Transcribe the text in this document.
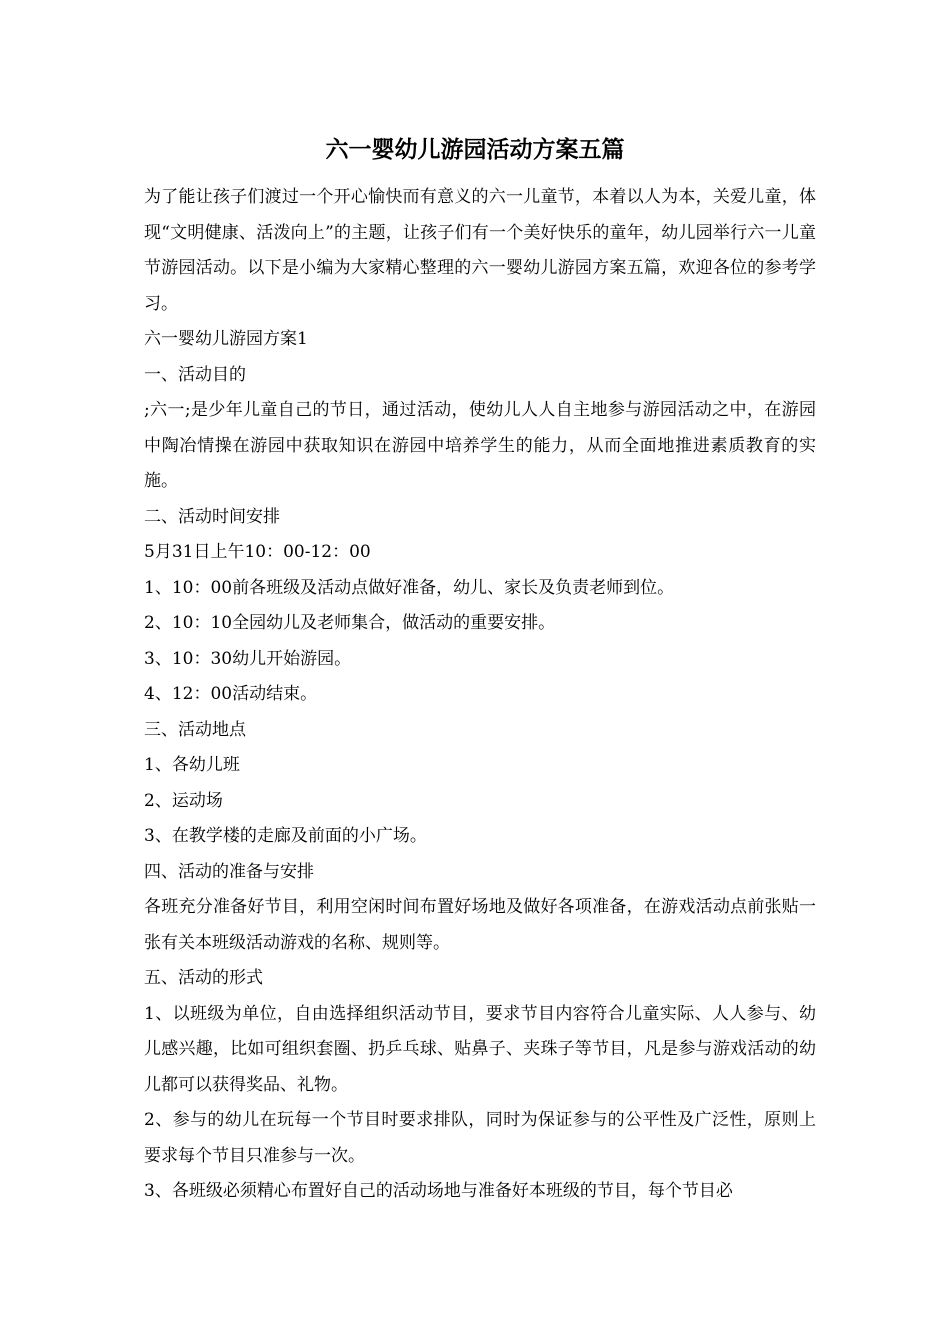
六一婴幼儿游园活动方案五篇

为了能让孩子们渡过一个开心愉快而有意义的六一儿童节，本着以人为本，关爱儿童，体现“文明健康、活泼向上”的主题，让孩子们有一个美好快乐的童年，幼儿园举行六一儿童节游园活动。以下是小编为大家精心整理的六一婴幼儿游园方案五篇，欢迎各位的参考学习。

六一婴幼儿游园方案1

一、活动目的

;六一;是少年儿童自己的节日，通过活动，使幼儿人人自主地参与游园活动之中，在游园中陶冶情操在游园中获取知识在游园中培养学生的能力，从而全面地推进素质教育的实施。

二、活动时间安排

5月31日上午10：00-12：00

1、10：00前各班级及活动点做好准备，幼儿、家长及负责老师到位。

2、10：10全园幼儿及老师集合，做活动的重要安排。

3、10：30幼儿开始游园。

4、12：00活动结束。

三、活动地点

1、各幼儿班

2、运动场

3、在教学楼的走廊及前面的小广场。

四、活动的准备与安排

各班充分准备好节目，利用空闲时间布置好场地及做好各项准备，在游戏活动点前张贴一张有关本班级活动游戏的名称、规则等。

五、活动的形式

1、以班级为单位，自由选择组织活动节目，要求节目内容符合儿童实际、人人参与、幼儿感兴趣，比如可组织套圈、扔乒乓球、贴鼻子、夹珠子等节目，凡是参与游戏活动的幼儿都可以获得奖品、礼物。

2、参与的幼儿在玩每一个节目时要求排队，同时为保证参与的公平性及广泛性，原则上要求每个节目只准参与一次。

3、各班级必须精心布置好自己的活动场地与准备好本班级的节目，每个节目必
